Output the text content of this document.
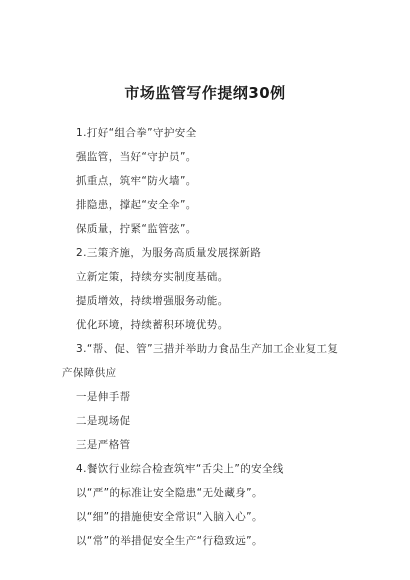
市场监管写作提纲30例
1.打好“组合拳”守护安全
强监管，当好“守护员”。
抓重点，筑牢“防火墙”。
排隐患，撑起“安全伞”。
保质量，拧紧“监管弦”。
2.三策齐施，为服务高质量发展探新路
立新定策，持续夯实制度基础。
提质增效，持续增强服务动能。
优化环境，持续蓄积环境优势。
3.“帮、促、管”三措并举助力食品生产加工企业复工复
产保障供应
一是伸手帮
二是现场促
三是严格管
4.餐饮行业综合检查筑牢“舌尖上”的安全线
以“严”的标准让安全隐患“无处藏身”。
以“细”的措施使安全常识“入脑入心”。
以“常”的举措促安全生产“行稳致远”。
